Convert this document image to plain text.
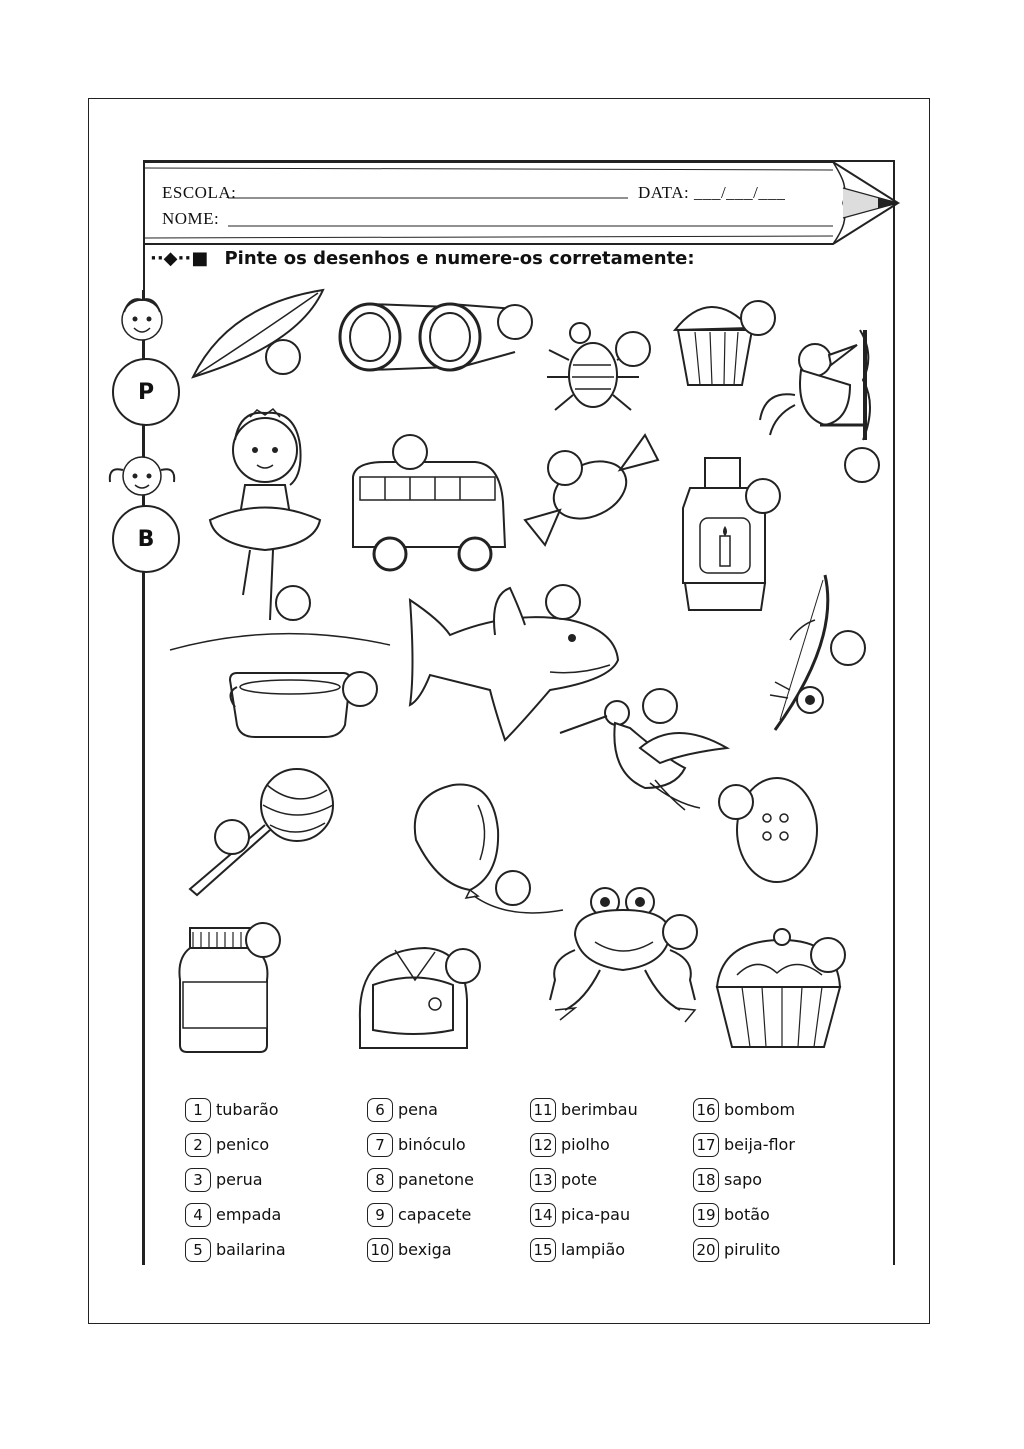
ESCOLA:	DATA: ___/___/___
NOME:
··◆··■ Pinte os desenhos e numere-os corretamente:
P
B
1 tubarão
2 penico
3 perua
4 empada
5 bailarina
6 pena
7 binóculo
8 panetone
9 capacete
10 bexiga
11 berimbau
12 piolho
13 pote
14 pica-pau
15 lampião
16 bombom
17 beija-flor
18 sapo
19 botão
20 pirulito
